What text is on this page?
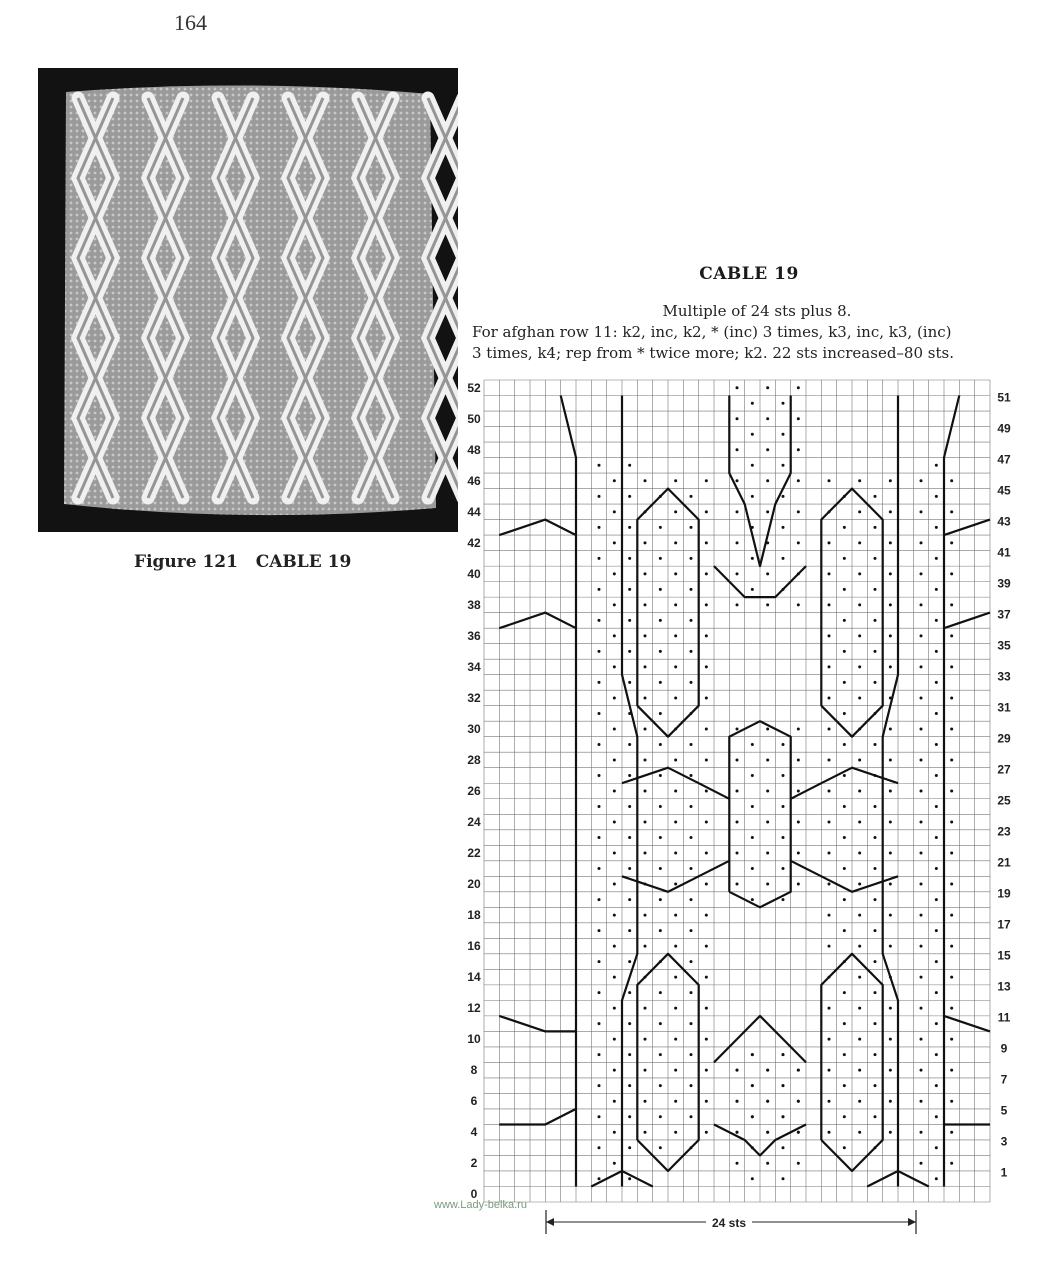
164
Figure 121   CABLE 19
CABLE 19
Multiple of 24 sts plus 8.
For afghan row 11: k2, inc, k2, * (inc) 3 times, k3, inc, k3, (inc)
3 times, k4; rep from * twice more; k2. 22 sts increased–80 sts.
52
50
48
46
44
42
40
38
36
34
32
30
28
26
24
22
20
18
16
14
12
10
8
6
4
2
0
51
49
47
45
43
41
39
37
35
33
31
29
27
25
23
21
19
17
15
13
11
9
7
5
3
1
24 sts
www.Lady-belka.ru
